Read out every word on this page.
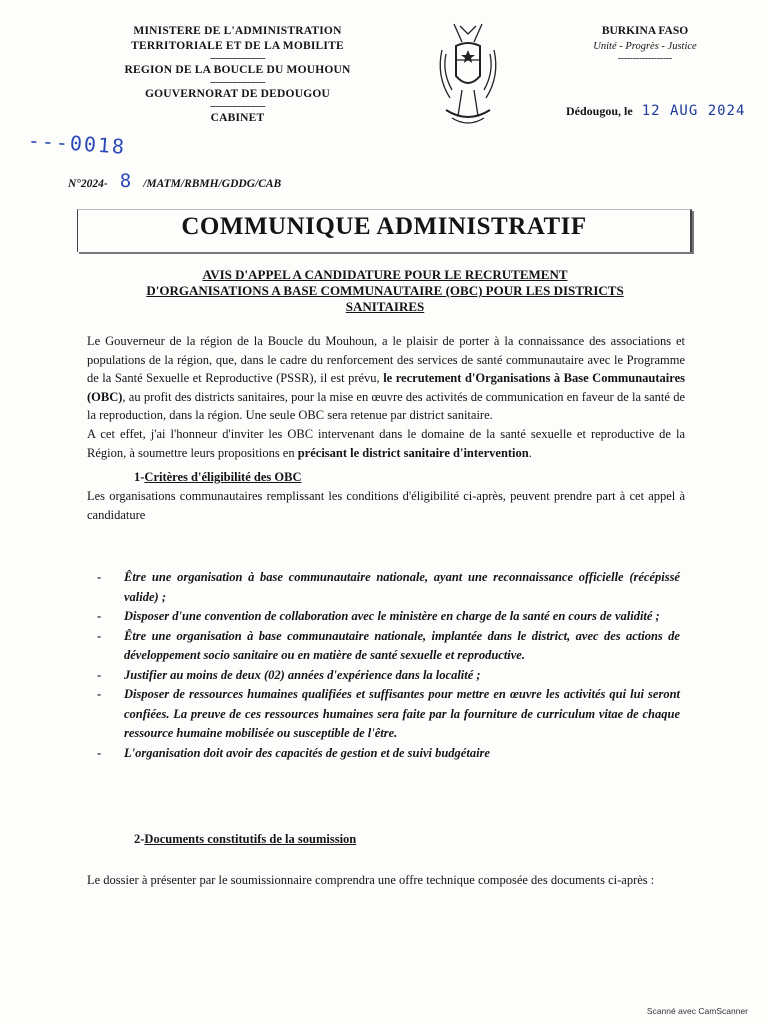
MINISTERE DE L'ADMINISTRATION
TERRITORIALE ET DE LA MOBILITE
----------------------
REGION DE LA BOUCLE DU MOUHOUN
----------------------
GOUVERNORAT DE DEDOUGOU
----------------------
CABINET
BURKINA FASO
Unité - Progrès - Justice
------------------
Dédougou, le 12 AUG 2024
---0018
N°2024- 8 /MATM/RBMH/GDDG/CAB
COMMUNIQUE ADMINISTRATIF
AVIS D'APPEL A CANDIDATURE POUR LE RECRUTEMENT
D'ORGANISATIONS A BASE COMMUNAUTAIRE (OBC) POUR LES DISTRICTS
SANITAIRES

Le Gouverneur de la région de la Boucle du Mouhoun, a le plaisir de porter à la connaissance des associations et populations de la région, que, dans le cadre du renforcement des services de santé communautaire avec le Programme de la Santé Sexuelle et Reproductive (PSSR), il est prévu, le recrutement d'Organisations à Base Communautaires (OBC), au profit des districts sanitaires, pour la mise en œuvre des activités de communication en faveur de la santé de la reproduction, dans la région. Une seule OBC sera retenue par district sanitaire.

A cet effet, j'ai l'honneur d'inviter les OBC intervenant dans le domaine de la santé sexuelle et reproductive de la Région, à soumettre leurs propositions en précisant le district sanitaire d'intervention.

1-Critères d'éligibilité des OBC

Les organisations communautaires remplissant les conditions d'éligibilité ci-après, peuvent prendre part à cet appel à candidature

-	Être une organisation à base communautaire nationale, ayant une reconnaissance officielle (récépissé valide) ;
-	Disposer d'une convention de collaboration avec le ministère en charge de la santé en cours de validité ;
-	Être une organisation à base communautaire nationale, implantée dans le district, avec des actions de développement socio sanitaire ou en matière de santé sexuelle et reproductive.
-	Justifier au moins de deux (02) années d'expérience dans la localité ;
-	Disposer de ressources humaines qualifiées et suffisantes pour mettre en œuvre les activités qui lui seront confiées. La preuve de ces ressources humaines sera faite par la fourniture de curriculum vitae de chaque ressource humaine mobilisée ou susceptible de l'être.
-	L'organisation doit avoir des capacités de gestion et de suivi budgétaire
2-Documents constitutifs de la soumission

Le dossier à présenter par le soumissionnaire comprendra une offre technique composée des documents ci-après :

Scanné avec CamScanner
